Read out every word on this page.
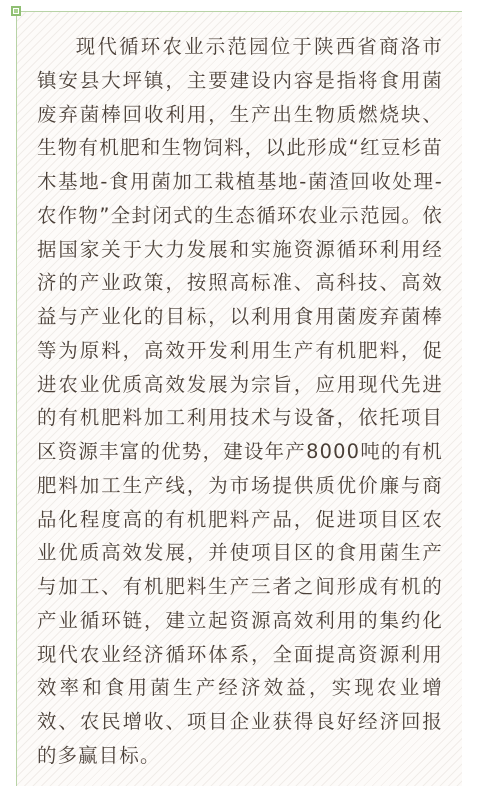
现代循环农业示范园位于陕西省商洛市镇安县大坪镇，主要建设内容是指将食用菌废弃菌棒回收利用，生产出生物质燃烧块、生物有机肥和生物饲料，以此形成“红豆杉苗木基地-食用菌加工栽植基地-菌渣回收处理-农作物”全封闭式的生态循环农业示范园。依据国家关于大力发展和实施资源循环利用经济的产业政策，按照高标准、高科技、高效益与产业化的目标，以利用食用菌废弃菌棒等为原料，高效开发利用生产有机肥料，促进农业优质高效发展为宗旨，应用现代先进的有机肥料加工利用技术与设备，依托项目区资源丰富的优势，建设年产8000吨的有机肥料加工生产线，为市场提供质优价廉与商品化程度高的有机肥料产品，促进项目区农业优质高效发展，并使项目区的食用菌生产与加工、有机肥料生产三者之间形成有机的产业循环链，建立起资源高效利用的集约化现代农业经济循环体系，全面提高资源利用效率和食用菌生产经济效益，实现农业增效、农民增收、项目企业获得良好经济回报的多赢目标。
